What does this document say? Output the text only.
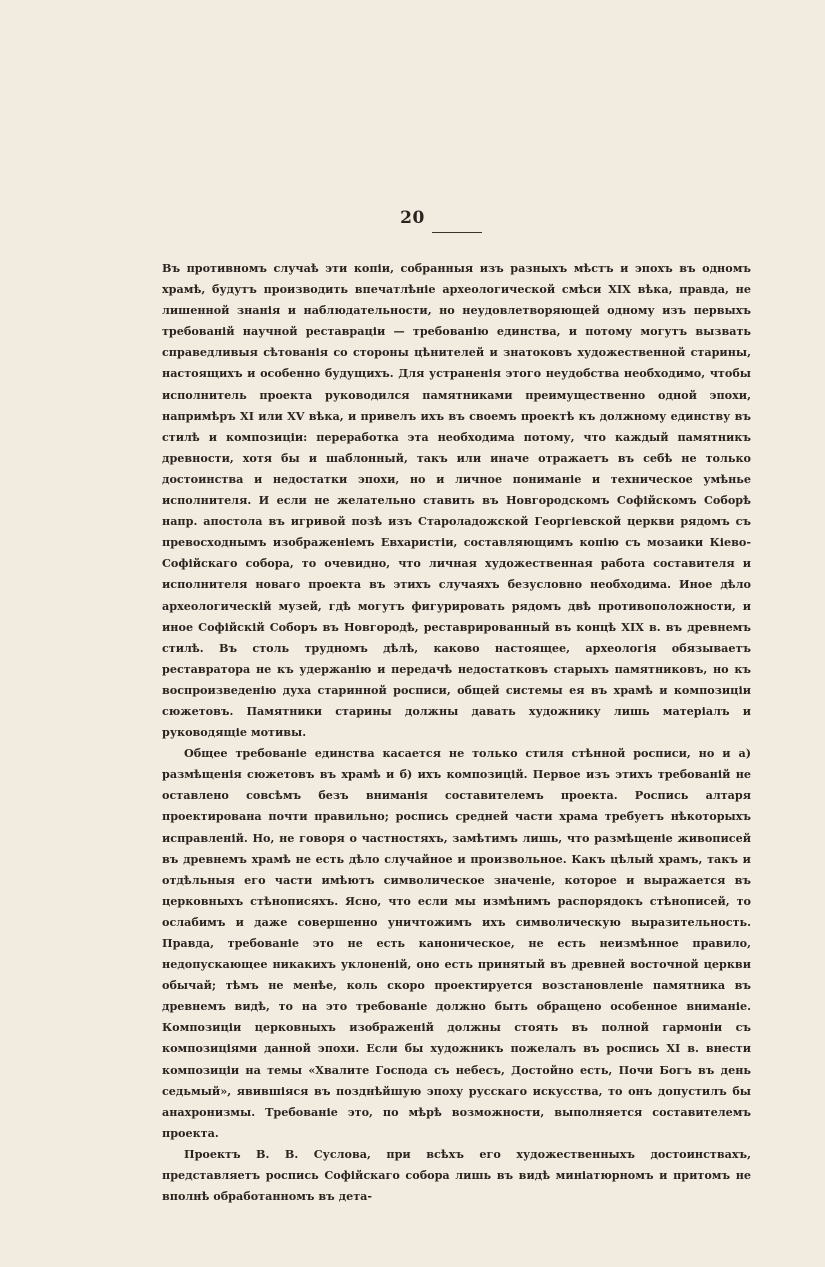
20

Въ противномъ случаѣ эти копіи, собранныя изъ разныхъ мѣстъ и эпохъ въ одномъ храмѣ, будутъ производить впечатлѣніе археологической смѣси XIX вѣка, правда, не лишенной знанія и наблюдательности, но неудовлетворяющей одному изъ первыхъ требованій научной реставраціи — требованію единства, и потому могутъ вызвать справедливыя сѣтованія со стороны цѣнителей и знатоковъ художественной старины, настоящихъ и особенно будущихъ. Для устраненія этого неудобства необходимо, чтобы исполнитель проекта руководился памятниками преимущественно одной эпохи, напримѣръ XI или XV вѣка, и привелъ ихъ въ своемъ проектѣ къ должному единству въ стилѣ и композиціи: переработка эта необходима потому, что каждый памятникъ древности, хотя бы и шаблонный, такъ или иначе отражаетъ въ себѣ не только достоинства и недостатки эпохи, но и личное пониманіе и техническое умѣнье исполнителя. И если не желательно ставить въ Новгородскомъ Софійскомъ Соборѣ напр. апостола въ игривой позѣ изъ Староладожской Георгіевской церкви рядомъ съ превосходнымъ изображеніемъ Евхаристіи, составляющимъ копію съ мозаики Кіево-Софійскаго собора, то очевидно, что личная художественная работа составителя и исполнителя новаго проекта въ этихъ случаяхъ безусловно необходима. Иное дѣло археологическій музей, гдѣ могутъ фигурировать рядомъ двѣ противоположности, и иное Софійскій Соборъ въ Новгородѣ, реставрированный въ концѣ XIX в. въ древнемъ стилѣ. Въ столь трудномъ дѣлѣ, каково настоящее, археологія обязываетъ реставратора не къ удержанію и передачѣ недостатковъ старыхъ памятниковъ, но къ воспроизведенію духа старинной росписи, общей системы ея въ храмѣ и композиціи сюжетовъ. Памятники старины должны давать художнику лишь матеріалъ и руководящіе мотивы.

Общее требованіе единства касается не только стиля стѣнной росписи, но и а) размѣщенія сюжетовъ въ храмѣ и б) ихъ композицій. Первое изъ этихъ требованій не оставлено совсѣмъ безъ вниманія составителемъ проекта. Роспись алтаря проектирована почти правильно; роспись средней части храма требуетъ нѣкоторыхъ исправленій. Но, не говоря о частностяхъ, замѣтимъ лишь, что размѣщеніе живописей въ древнемъ храмѣ не есть дѣло случайное и произвольное. Какъ цѣлый храмъ, такъ и отдѣльныя его части имѣютъ символическое значеніе, которое и выражается въ церковныхъ стѣнописяхъ. Ясно, что если мы измѣнимъ распорядокъ стѣнописей, то ослабимъ и даже совершенно уничтожимъ ихъ символическую выразительность. Правда, требованіе это не есть каноническое, не есть неизмѣнное правило, недопускающее никакихъ уклоненій, оно есть принятый въ древней восточной церкви обычай; тѣмъ не менѣе, коль скоро проектируется возстановленіе памятника въ древнемъ видѣ, то на это требованіе должно быть обращено особенное вниманіе. Композиціи церковныхъ изображеній должны стоять въ полной гармоніи съ композиціями данной эпохи. Если бы художникъ пожелалъ въ роспись XI в. внести композиціи на темы «Хвалите Господа съ небесъ, Достойно есть, Почи Богъ въ день седьмый», явившіяся въ позднѣйшую эпоху русскаго искусства, то онъ допустилъ бы анахронизмы. Требованіе это, по мѣрѣ возможности, выполняется составителемъ проекта.

Проектъ В. В. Суслова, при всѣхъ его художественныхъ достоинствахъ, представляетъ роспись Софійскаго собора лишь въ видѣ миніатюрномъ и притомъ не вполнѣ обработанномъ въ дета-
